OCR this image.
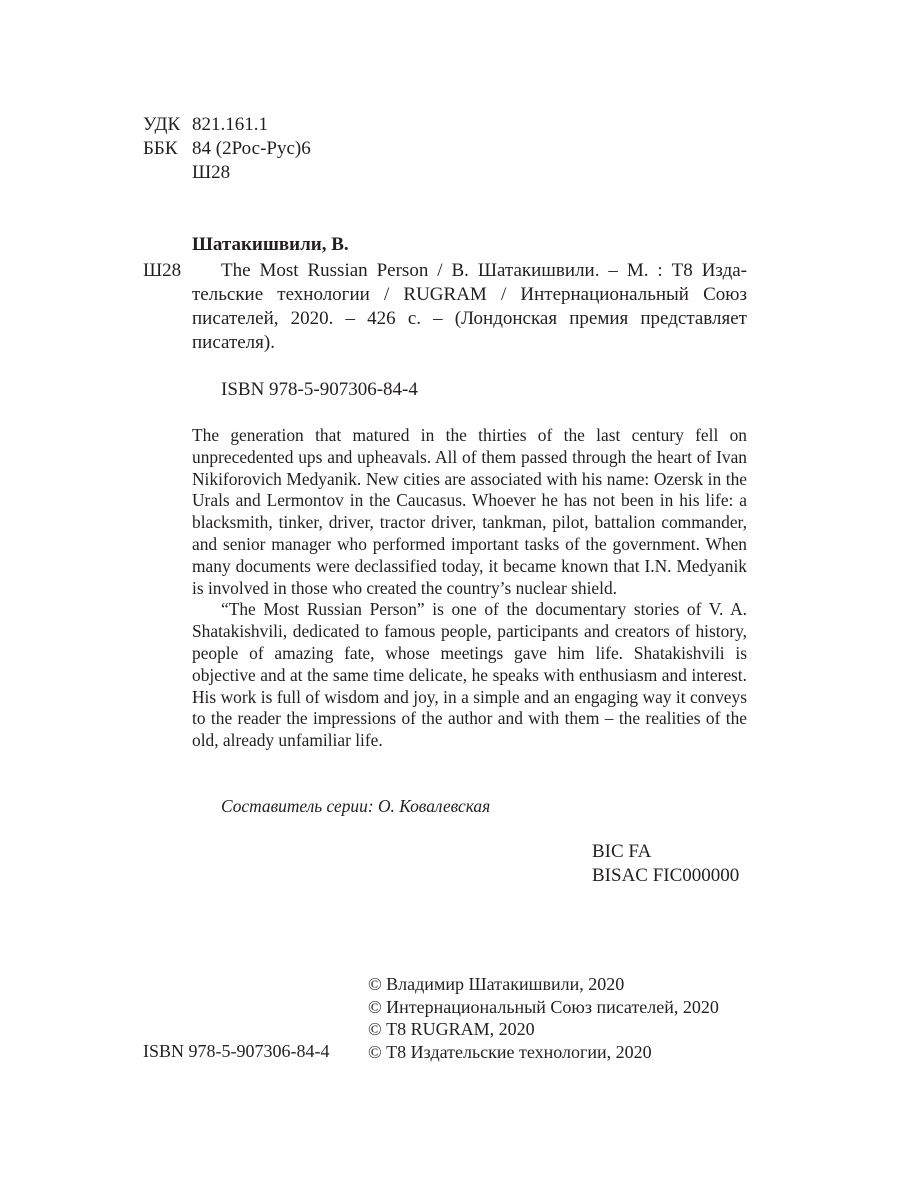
УДК 821.161.1
ББК 84 (2Рос-Рус)6
Ш28
Шатакишвили, В.
Ш28	The Most Russian Person / В. Шатакишвили. – М. : Т8 Издательские технологии / RUGRAM / Интернациональный Союз писателей, 2020. – 426 с. – (Лондонская премия представляет писателя).
ISBN 978-5-907306-84-4

The generation that matured in the thirties of the last century fell on unprecedented ups and upheavals. All of them passed through the heart of Ivan Nikiforovich Medyanik. New cities are associated with his name: Ozersk in the Urals and Lermontov in the Caucasus. Whoever he has not been in his life: a blacksmith, tinker, driver, tractor driver, tankman, pilot, battalion commander, and senior manager who performed important tasks of the government. When many documents were declassified today, it became known that I.N. Medyanik is involved in those who created the country’s nuclear shield.

“The Most Russian Person” is one of the documentary stories of V. A. Shatakishvili, dedicated to famous people, participants and creators of history, people of amazing fate, whose meetings gave him life. Shatakishvili is objective and at the same time delicate, he speaks with enthusiasm and interest. His work is full of wisdom and joy, in a simple and an engaging way it conveys to the reader the impressions of the author and with them – the realities of the old, already unfamiliar life.

Составитель серии: О. Ковалевская
BIC FA
BISAC FIC000000
© Владимир Шатакишвили, 2020
© Интернациональный Союз писателей, 2020
© Т8 RUGRAM, 2020
© Т8 Издательские технологии, 2020
ISBN 978-5-907306-84-4
